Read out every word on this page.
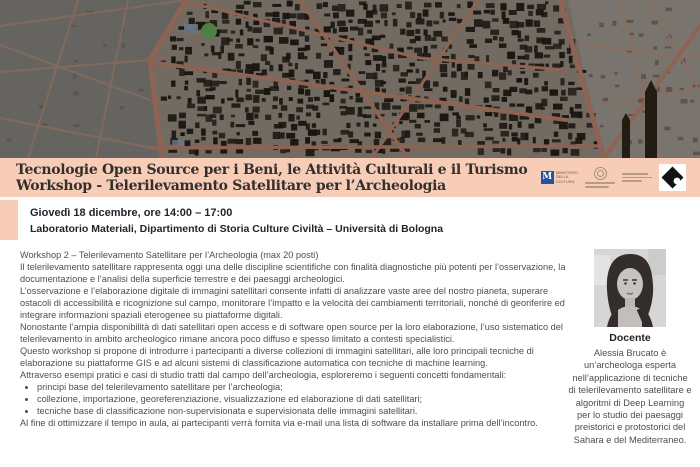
Tecnologie Open Source per i Beni, le Attività Culturali e il Turismo
Workshop - Telerilevamento Satellitare per l’Archeologia
M MINISTERO
DELLA
CULTURA
Giovedì 18 dicembre, ore 14:00 – 17:00
Laboratorio Materiali, Dipartimento di Storia Culture Civiltà – Università di Bologna
Workshop 2 – Telerilevamento Satellitare per l’Archeologia (max 20 posti)
Il telerilevamento satellitare rappresenta oggi una delle discipline scientifiche con finalità diagnostiche più potenti per l’osservazione, la documentazione e l’analisi della superficie terrestre e dei paesaggi archeologici.
L’osservazione e l’elaborazione digitale di immagini satellitari consente infatti di analizzare vaste aree del nostro pianeta, superare ostacoli di accessibilità e ricognizione sul campo, monitorare l’impatto e la velocità dei cambiamenti territoriali, nonché di georiferire ed integrare informazioni spaziali eterogenee su piattaforme digitali.
Nonostante l’ampia disponibilità di dati satellitari open access e di software open source per la loro elaborazione, l’uso sistematico del telerilevamento in ambito archeologico rimane ancora poco diffuso e spesso limitato a contesti specialistici.
Questo workshop si propone di introdurre i partecipanti a diverse collezioni di immagini satellitari, alle loro principali tecniche di elaborazione su piattaforme GIS e ad alcuni sistemi di classificazione automatica con tecniche di machine learning.
Attraverso esempi pratici e casi di studio tratti dal campo dell’archeologia, esploreremo i seguenti concetti fondamentali:
• principi base del telerilevamento satellitare per l’archeologia;
• collezione, importazione, georeferenziazione, visualizzazione ed elaborazione di dati satellitari;
• tecniche base di classificazione non-supervisionata e supervisionata delle immagini satellitari.
Al fine di ottimizzare il tempo in aula, ai partecipanti verrà fornita via e-mail una lista di software da installare prima dell’incontro.
Docente
Alessia Brucato è un’archeologa esperta nell’applicazione di tecniche di telerilevamento satellitare e algoritmi di Deep Learning per lo studio dei paesaggi preistorici e protostorici del Sahara e del Mediterraneo.
